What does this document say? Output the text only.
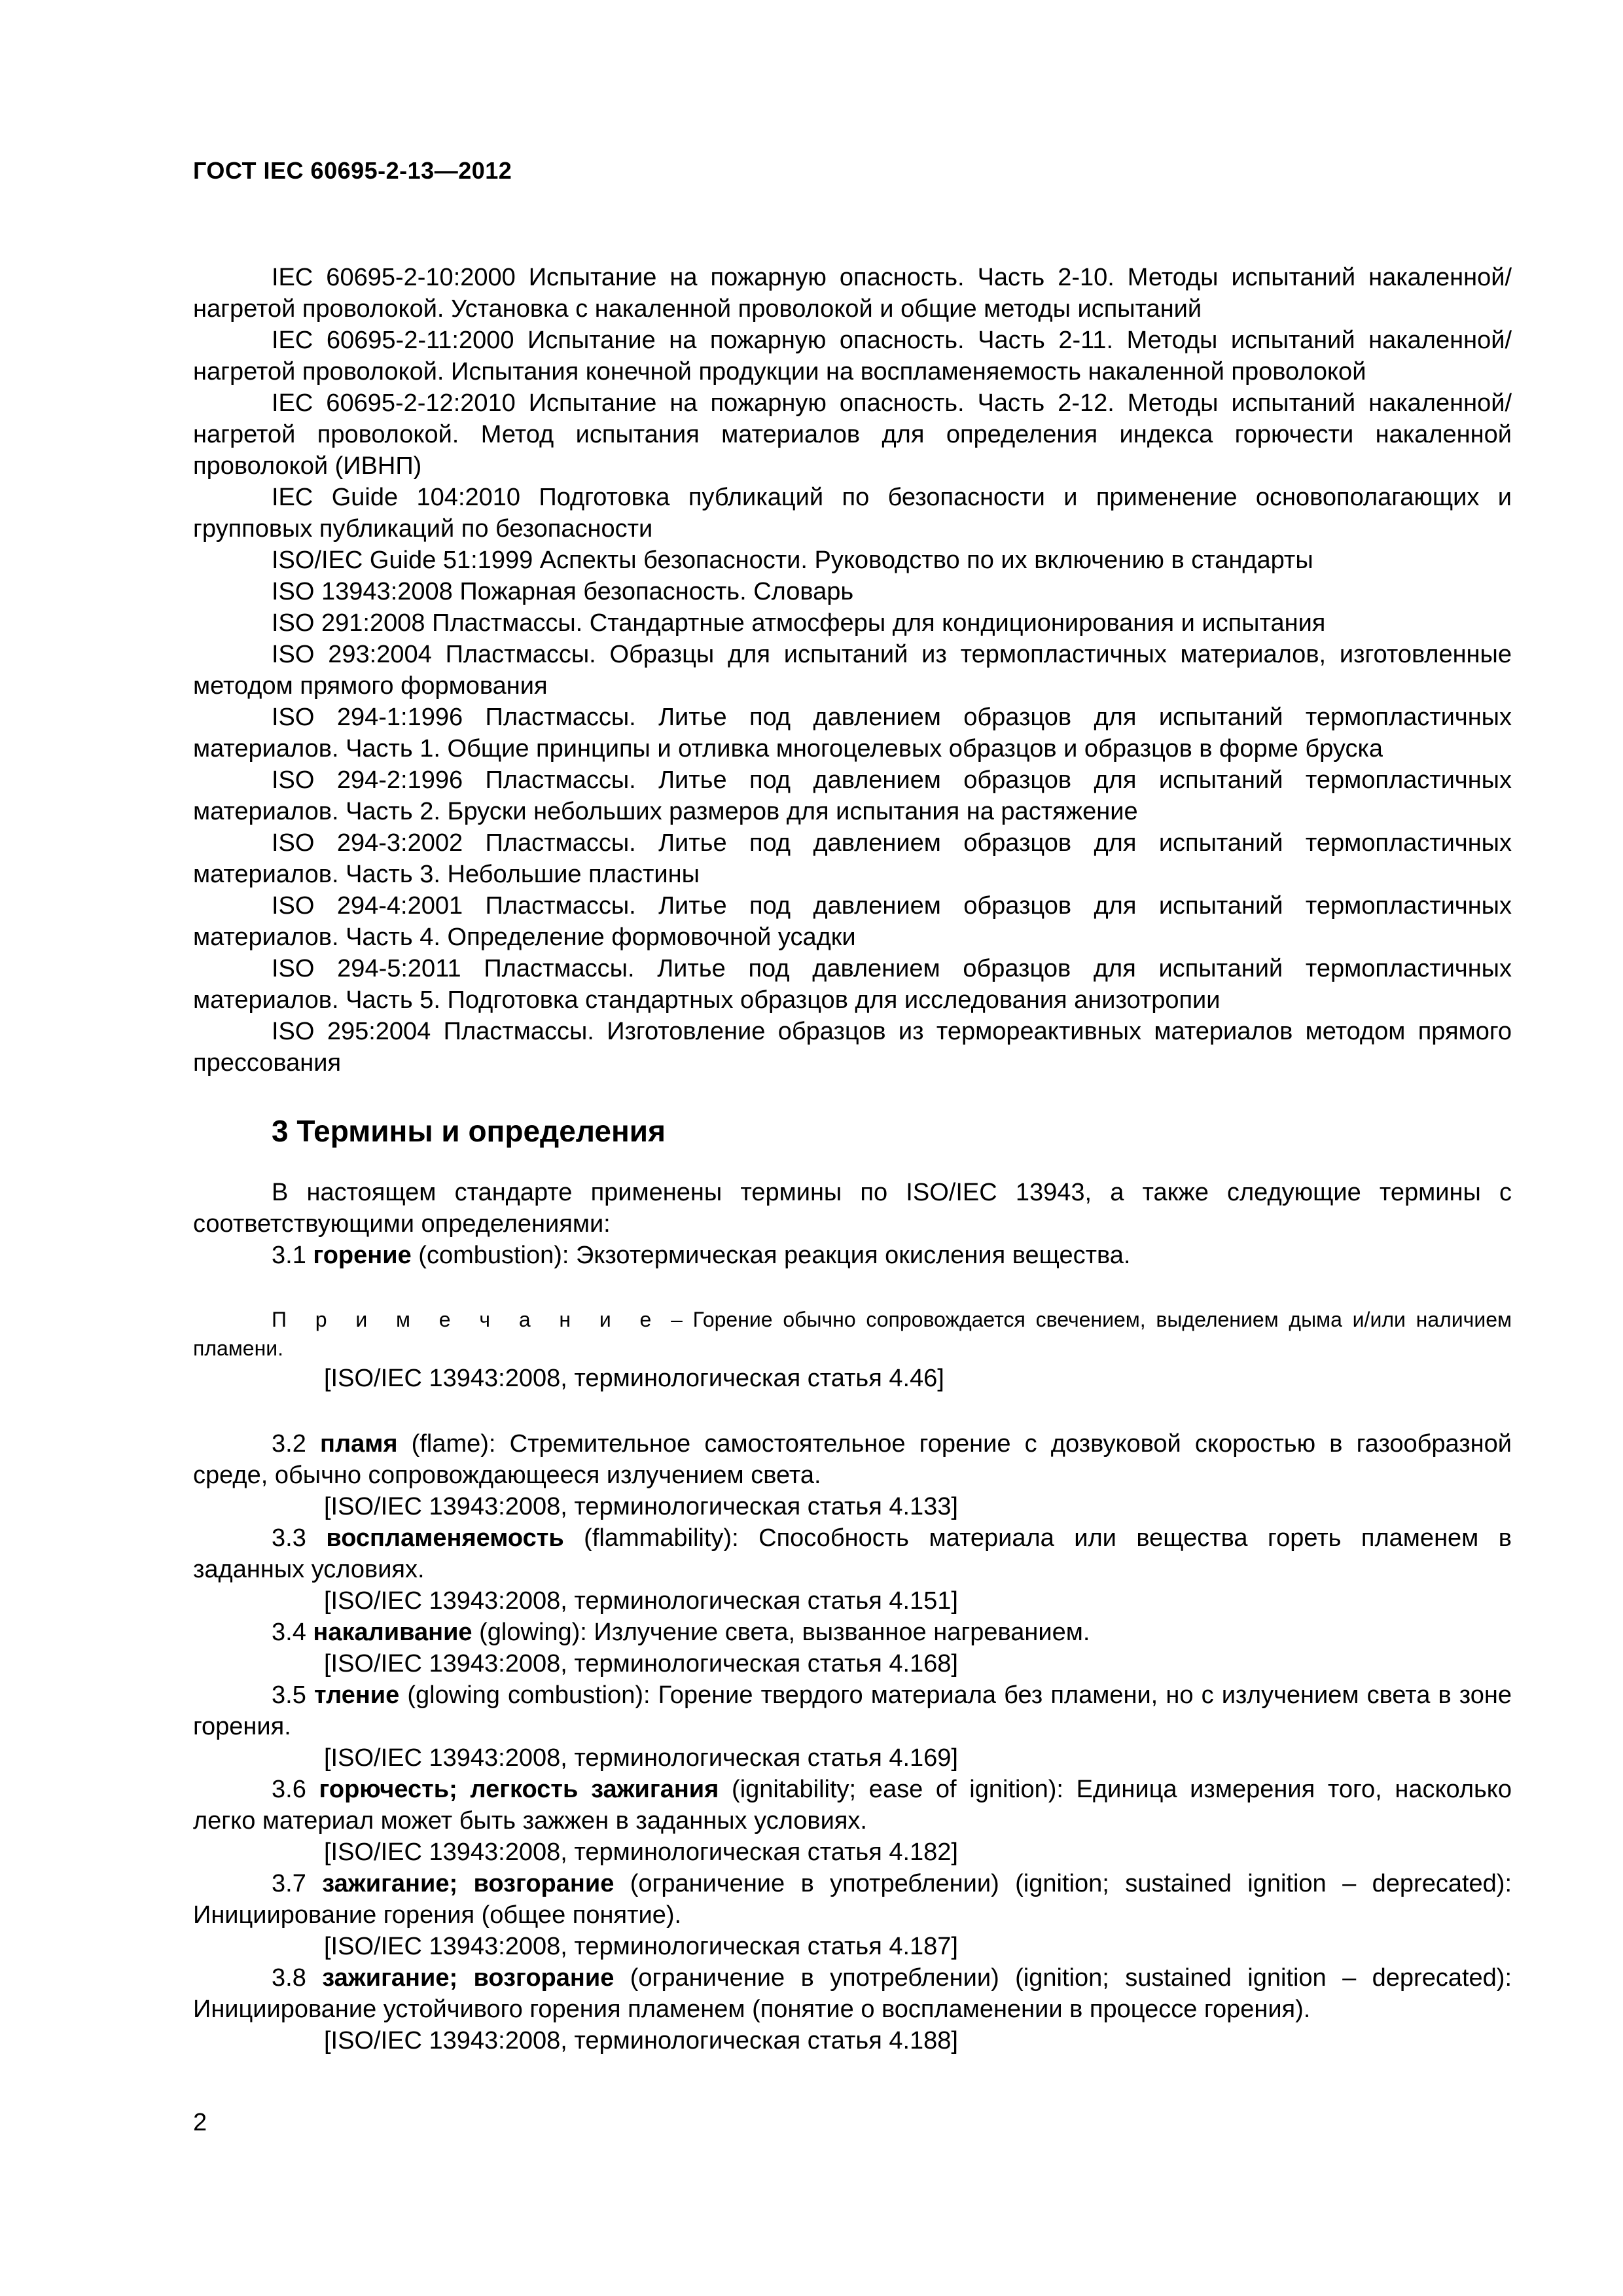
ГОСТ IEC 60695-2-13—2012

IEC 60695-2-10:2000 Испытание на пожарную опасность. Часть 2-10. Методы испытаний накаленной/нагретой проволокой. Установка с накаленной проволокой и общие методы испытаний

IEC 60695-2-11:2000 Испытание на пожарную опасность. Часть 2-11. Методы испытаний накаленной/нагретой проволокой. Испытания конечной продукции на воспламеняемость накаленной проволокой

IEC 60695-2-12:2010 Испытание на пожарную опасность. Часть 2-12. Методы испытаний накаленной/нагретой проволокой. Метод испытания материалов для определения индекса горючести накаленной проволокой (ИВНП)

IEC Guide 104:2010 Подготовка публикаций по безопасности и применение основополагающих и групповых публикаций по безопасности

ISO/IEC Guide 51:1999 Аспекты безопасности. Руководство по их включению в стандарты

ISO 13943:2008 Пожарная безопасность. Словарь

ISO 291:2008 Пластмассы. Стандартные атмосферы для кондиционирования и испытания

ISO 293:2004 Пластмассы. Образцы для испытаний из термопластичных материалов, изготовленные методом прямого формования

ISO 294-1:1996 Пластмассы. Литье под давлением образцов для испытаний термопластичных материалов. Часть 1. Общие принципы и отливка многоцелевых образцов и образцов в форме бруска

ISO 294-2:1996 Пластмассы. Литье под давлением образцов для испытаний термопластичных материалов. Часть 2. Бруски небольших размеров для испытания на растяжение

ISO 294-3:2002 Пластмассы. Литье под давлением образцов для испытаний термопластичных материалов. Часть 3. Небольшие пластины

ISO 294-4:2001 Пластмассы. Литье под давлением образцов для испытаний термопластичных материалов. Часть 4. Определение формовочной усадки

ISO 294-5:2011 Пластмассы. Литье под давлением образцов для испытаний термопластичных материалов. Часть 5. Подготовка стандартных образцов для исследования анизотропии

ISO 295:2004 Пластмассы. Изготовление образцов из термореактивных материалов методом прямого прессования

3 Термины и определения

В настоящем стандарте применены термины по ISO/IEC 13943, а также следующие термины с соответствующими определениями:

3.1 горение (combustion): Экзотермическая реакция окисления вещества.

П р и м е ч а н и е – Горение обычно сопровождается свечением, выделением дыма и/или наличием пламени.

[ISO/IEC 13943:2008, терминологическая статья 4.46]

3.2 пламя (flame): Стремительное самостоятельное горение с дозвуковой скоростью в газообразной среде, обычно сопровождающееся излучением света.

[ISO/IEC 13943:2008, терминологическая статья 4.133]

3.3 воспламеняемость (flammability): Способность материала или вещества гореть пламенем в заданных условиях.

[ISO/IEC 13943:2008, терминологическая статья 4.151]

3.4 накаливание (glowing): Излучение света, вызванное нагреванием.

[ISO/IEC 13943:2008, терминологическая статья 4.168]

3.5 тление (glowing combustion): Горение твердого материала без пламени, но с излучением света в зоне горения.

[ISO/IEC 13943:2008, терминологическая статья 4.169]

3.6 горючесть; легкость зажигания (ignitability; ease of ignition): Единица измерения того, насколько легко материал может быть зажжен в заданных условиях.

[ISO/IEC 13943:2008, терминологическая статья 4.182]

3.7 зажигание; возгорание (ограничение в употреблении) (ignition; sustained ignition – deprecated): Инициирование горения (общее понятие).

[ISO/IEC 13943:2008, терминологическая статья 4.187]

3.8 зажигание; возгорание (ограничение в употреблении) (ignition; sustained ignition – deprecated): Инициирование устойчивого горения пламенем (понятие о воспламенении в процессе горения).

[ISO/IEC 13943:2008, терминологическая статья 4.188]

2
